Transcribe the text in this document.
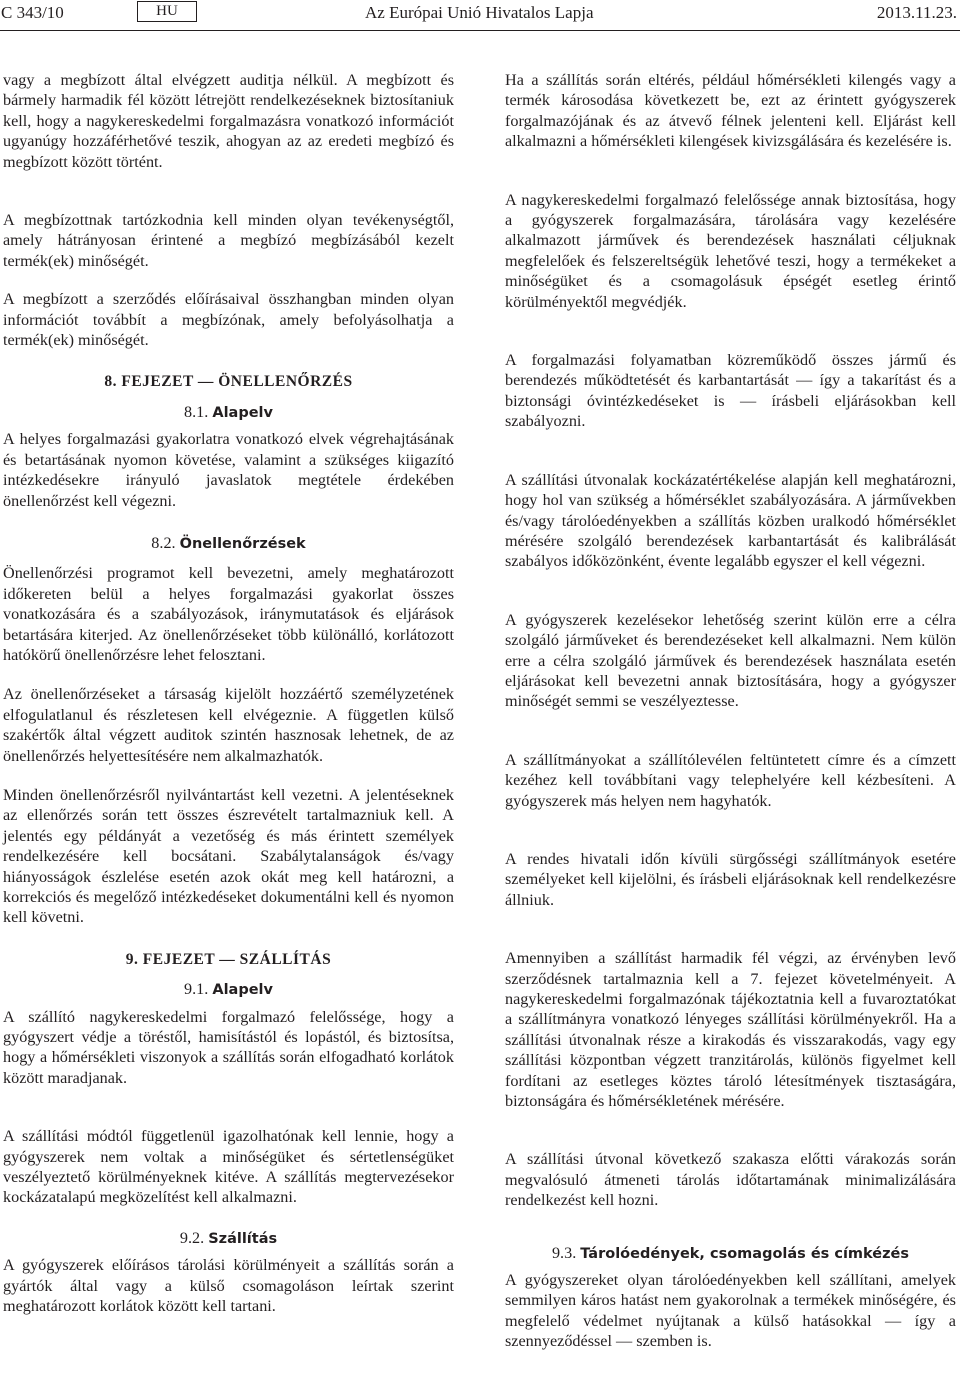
C 343/10	HU	Az Európai Unió Hivatalos Lapja	2013.11.23.

vagy a megbízott által elvégzett auditja nélkül. A megbízott és bármely harmadik fél között létrejött rendelkezéseknek biztosítaniuk kell, hogy a nagykereskedelmi forgalmazásra vonatkozó információt ugyanúgy hozzáférhetővé teszik, ahogyan az az eredeti megbízó és megbízott között történt.

A megbízottnak tartózkodnia kell minden olyan tevékenységtől, amely hátrányosan érintené a megbízó megbízásából kezelt termék(ek) minőségét.

A megbízott a szerződés előírásaival összhangban minden olyan információt továbbít a megbízónak, amely befolyásolhatja a termék(ek) minőségét.

8. FEJEZET — ÖNELLENŐRZÉS
8.1. Alapelv

A helyes forgalmazási gyakorlatra vonatkozó elvek végrehajtásának és betartásának nyomon követése, valamint a szükséges kiigazító intézkedésekre irányuló javaslatok megtétele érdekében önellenőrzést kell végezni.

8.2. Önellenőrzések

Önellenőrzési programot kell bevezetni, amely meghatározott időkereten belül a helyes forgalmazási gyakorlat összes vonatkozására és a szabályozások, iránymutatások és eljárások betartására kiterjed. Az önellenőrzéseket több különálló, korlátozott hatókörű önellenőrzésre lehet felosztani.

Az önellenőrzéseket a társaság kijelölt hozzáértő személyzetének elfogulatlanul és részletesen kell elvégeznie. A független külső szakértők által végzett auditok szintén hasznosak lehetnek, de az önellenőrzés helyettesítésére nem alkalmazhatók.

Minden önellenőrzésről nyilvántartást kell vezetni. A jelentéseknek az ellenőrzés során tett összes észrevételt tartalmazniuk kell. A jelentés egy példányát a vezetőség és más érintett személyek rendelkezésére kell bocsátani. Szabálytalanságok és/vagy hiányosságok észlelése esetén azok okát meg kell határozni, a korrekciós és megelőző intézkedéseket dokumentálni kell és nyomon kell követni.

9. FEJEZET — SZÁLLÍTÁS
9.1. Alapelv

A szállító nagykereskedelmi forgalmazó felelőssége, hogy a gyógyszert védje a töréstől, hamisítástól és lopástól, és biztosítsa, hogy a hőmérsékleti viszonyok a szállítás során elfogadható korlátok között maradjanak.

A szállítási módtól függetlenül igazolhatónak kell lennie, hogy a gyógyszerek nem voltak a minőségüket és sértetlenségüket veszélyeztető körülményeknek kitéve. A szállítás megtervezésekor kockázatalapú megközelítést kell alkalmazni.

9.2. Szállítás

A gyógyszerek előírásos tárolási körülményeit a szállítás során a gyártók által vagy a külső csomagoláson leírtak szerint meghatározott korlátok között kell tartani.

Ha a szállítás során eltérés, például hőmérsékleti kilengés vagy a termék károsodása következett be, ezt az érintett gyógyszerek forgalmazójának és az átvevő félnek jelenteni kell. Eljárást kell alkalmazni a hőmérsékleti kilengések kivizsgálására és kezelésére is.

A nagykereskedelmi forgalmazó felelőssége annak biztosítása, hogy a gyógyszerek forgalmazására, tárolására vagy kezelésére alkalmazott járművek és berendezések használati céljuknak megfelelőek és felszereltségük lehetővé teszi, hogy a termékeket a minőségüket és a csomagolásuk épségét esetleg érintő körülményektől megvédjék.

A forgalmazási folyamatban közreműködő összes jármű és berendezés működtetését és karbantartását — így a takarítást és a biztonsági óvintézkedéseket is — írásbeli eljárásokban kell szabályozni.

A szállítási útvonalak kockázatértékelése alapján kell meghatározni, hogy hol van szükség a hőmérséklet szabályozására. A járművekben és/vagy tárolóedényekben a szállítás közben uralkodó hőmérséklet mérésére szolgáló berendezések karbantartását és kalibrálását szabályos időközönként, évente legalább egyszer el kell végezni.

A gyógyszerek kezelésekor lehetőség szerint külön erre a célra szolgáló járműveket és berendezéseket kell alkalmazni. Nem külön erre a célra szolgáló járművek és berendezések használata esetén eljárásokat kell bevezetni annak biztosítására, hogy a gyógyszer minőségét semmi se veszélyeztesse.

A szállítmányokat a szállítólevélen feltüntetett címre és a címzett kezéhez kell továbbítani vagy telephelyére kell kézbesíteni. A gyógyszerek más helyen nem hagyhatók.

A rendes hivatali időn kívüli sürgősségi szállítmányok esetére személyeket kell kijelölni, és írásbeli eljárásoknak kell rendelkezésre állniuk.

Amennyiben a szállítást harmadik fél végzi, az érvényben levő szerződésnek tartalmaznia kell a 7. fejezet követelményeit. A nagykereskedelmi forgalmazónak tájékoztatnia kell a fuvaroztatókat a szállítmányra vonatkozó lényeges szállítási körülményekről. Ha a szállítási útvonalnak része a kirakodás és visszarakodás, vagy egy szállítási központban végzett tranzitárolás, különös figyelmet kell fordítani az esetleges köztes tároló létesítmények tisztaságára, biztonságára és hőmérsékletének mérésére.

A szállítási útvonal következő szakasza előtti várakozás során megvalósuló átmeneti tárolás időtartamának minimalizálására rendelkezést kell hozni.

9.3. Tárolóedények, csomagolás és címkézés

A gyógyszereket olyan tárolóedényekben kell szállítani, amelyek semmilyen káros hatást nem gyakorolnak a termékek minőségére, és megfelelő védelmet nyújtanak a külső hatásokkal — így a szennyeződéssel — szemben is.
